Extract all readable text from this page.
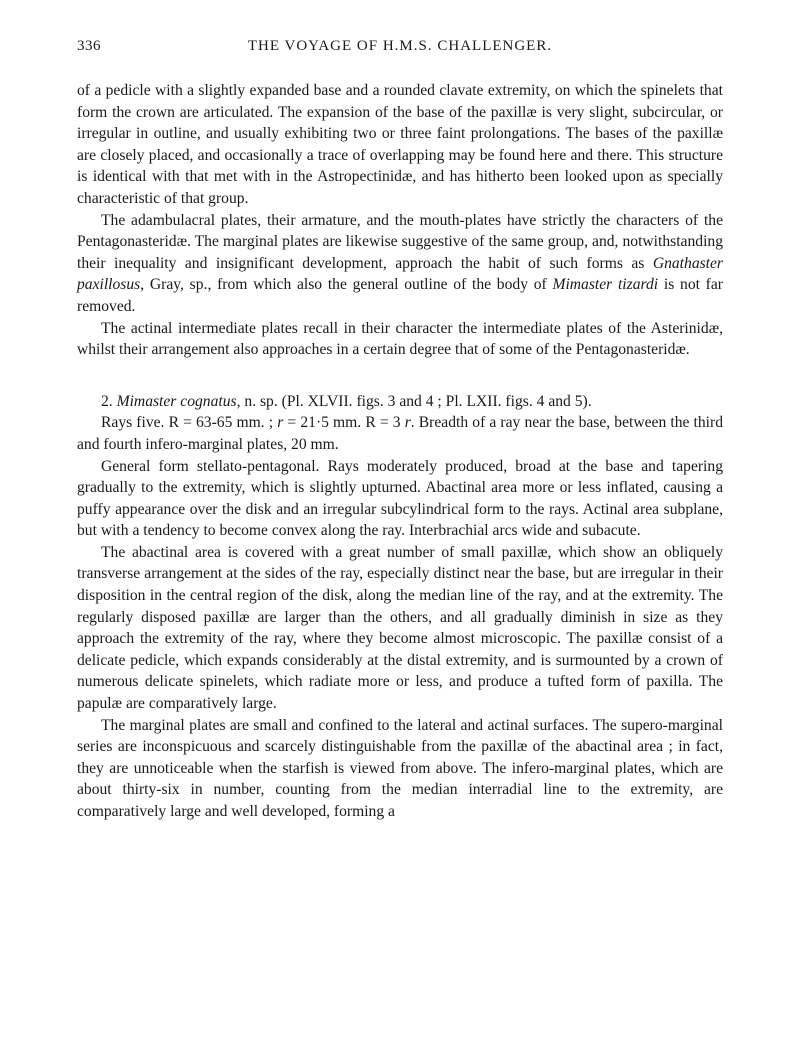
336	THE VOYAGE OF H.M.S. CHALLENGER.

of a pedicle with a slightly expanded base and a rounded clavate extremity, on which the spinelets that form the crown are articulated. The expansion of the base of the paxillæ is very slight, subcircular, or irregular in outline, and usually exhibiting two or three faint prolongations. The bases of the paxillæ are closely placed, and occasionally a trace of overlapping may be found here and there. This structure is identical with that met with in the Astropectinidæ, and has hitherto been looked upon as specially characteristic of that group.

The adambulacral plates, their armature, and the mouth-plates have strictly the characters of the Pentagonasteridæ. The marginal plates are likewise suggestive of the same group, and, notwithstanding their inequality and insignificant development, approach the habit of such forms as Gnathaster paxillosus, Gray, sp., from which also the general outline of the body of Mimaster tizardi is not far removed.

The actinal intermediate plates recall in their character the intermediate plates of the Asterinidæ, whilst their arrangement also approaches in a certain degree that of some of the Pentagonasteridæ.

2. Mimaster cognatus, n. sp. (Pl. XLVII. figs. 3 and 4 ; Pl. LXII. figs. 4 and 5).

Rays five. R = 63-65 mm. ; r = 21·5 mm. R = 3 r. Breadth of a ray near the base, between the third and fourth infero-marginal plates, 20 mm.

General form stellato-pentagonal. Rays moderately produced, broad at the base and tapering gradually to the extremity, which is slightly upturned. Abactinal area more or less inflated, causing a puffy appearance over the disk and an irregular subcylindrical form to the rays. Actinal area subplane, but with a tendency to become convex along the ray. Interbrachial arcs wide and subacute.

The abactinal area is covered with a great number of small paxillæ, which show an obliquely transverse arrangement at the sides of the ray, especially distinct near the base, but are irregular in their disposition in the central region of the disk, along the median line of the ray, and at the extremity. The regularly disposed paxillæ are larger than the others, and all gradually diminish in size as they approach the extremity of the ray, where they become almost microscopic. The paxillæ consist of a delicate pedicle, which expands considerably at the distal extremity, and is surmounted by a crown of numerous delicate spinelets, which radiate more or less, and produce a tufted form of paxilla. The papulæ are comparatively large.

The marginal plates are small and confined to the lateral and actinal surfaces. The supero-marginal series are inconspicuous and scarcely distinguishable from the paxillæ of the abactinal area ; in fact, they are unnoticeable when the starfish is viewed from above. The infero-marginal plates, which are about thirty-six in number, counting from the median interradial line to the extremity, are comparatively large and well developed, forming a
